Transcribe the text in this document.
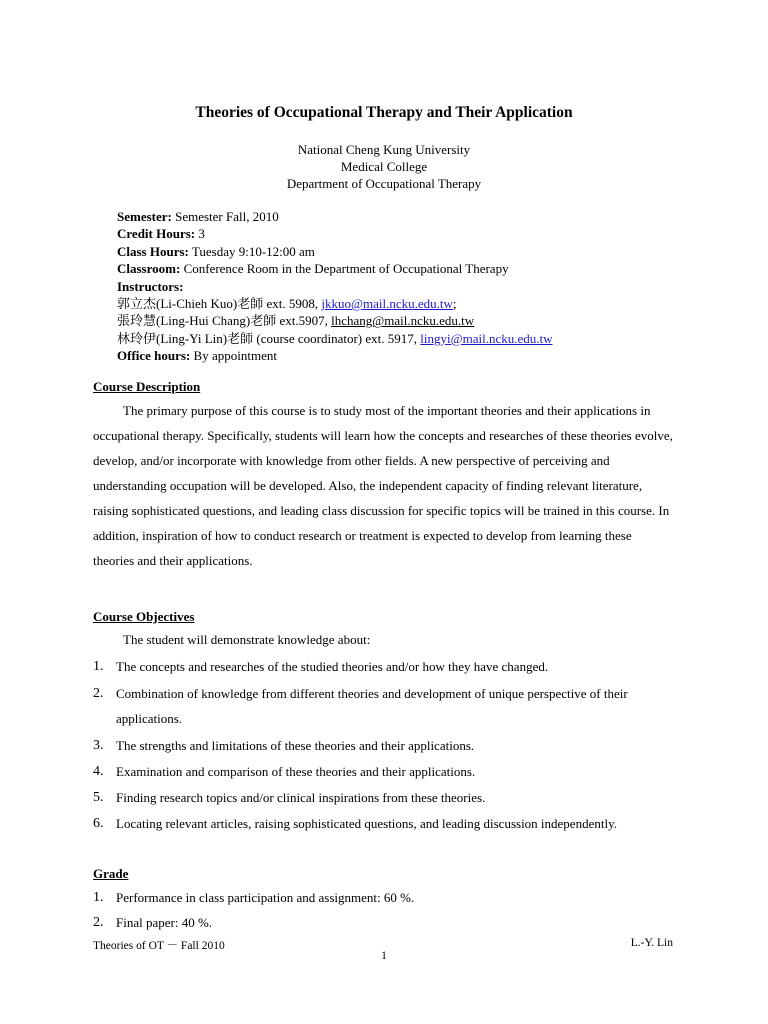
Theories of Occupational Therapy and Their Application
National Cheng Kung University
Medical College
Department of Occupational Therapy
Semester: Semester Fall, 2010
Credit Hours: 3
Class Hours: Tuesday 9:10-12:00 am
Classroom: Conference Room in the Department of Occupational Therapy
Instructors:
郭立杰(Li-Chieh Kuo)老師 ext. 5908, jkkuo@mail.ncku.edu.tw;
張玲慧(Ling-Hui Chang)老師 ext.5907, lhchang@mail.ncku.edu.tw
林玲伊(Ling-Yi Lin)老師 (course coordinator) ext. 5917, lingyi@mail.ncku.edu.tw
Office hours: By appointment
Course Description
The primary purpose of this course is to study most of the important theories and their applications in occupational therapy. Specifically, students will learn how the concepts and researches of these theories evolve, develop, and/or incorporate with knowledge from other fields. A new perspective of perceiving and understanding occupation will be developed. Also, the independent capacity of finding relevant literature, raising sophisticated questions, and leading class discussion for specific topics will be trained in this course. In addition, inspiration of how to conduct research or treatment is expected to develop from learning these theories and their applications.
Course Objectives
The student will demonstrate knowledge about:
1. The concepts and researches of the studied theories and/or how they have changed.
2. Combination of knowledge from different theories and development of unique perspective of their applications.
3. The strengths and limitations of these theories and their applications.
4. Examination and comparison of these theories and their applications.
5. Finding research topics and/or clinical inspirations from these theories.
6. Locating relevant articles, raising sophisticated questions, and leading discussion independently.
Grade
1. Performance in class participation and assignment: 60 %.
2. Final paper: 40 %.
Theories of OT － Fall 2010	L.-Y. Lin
1
